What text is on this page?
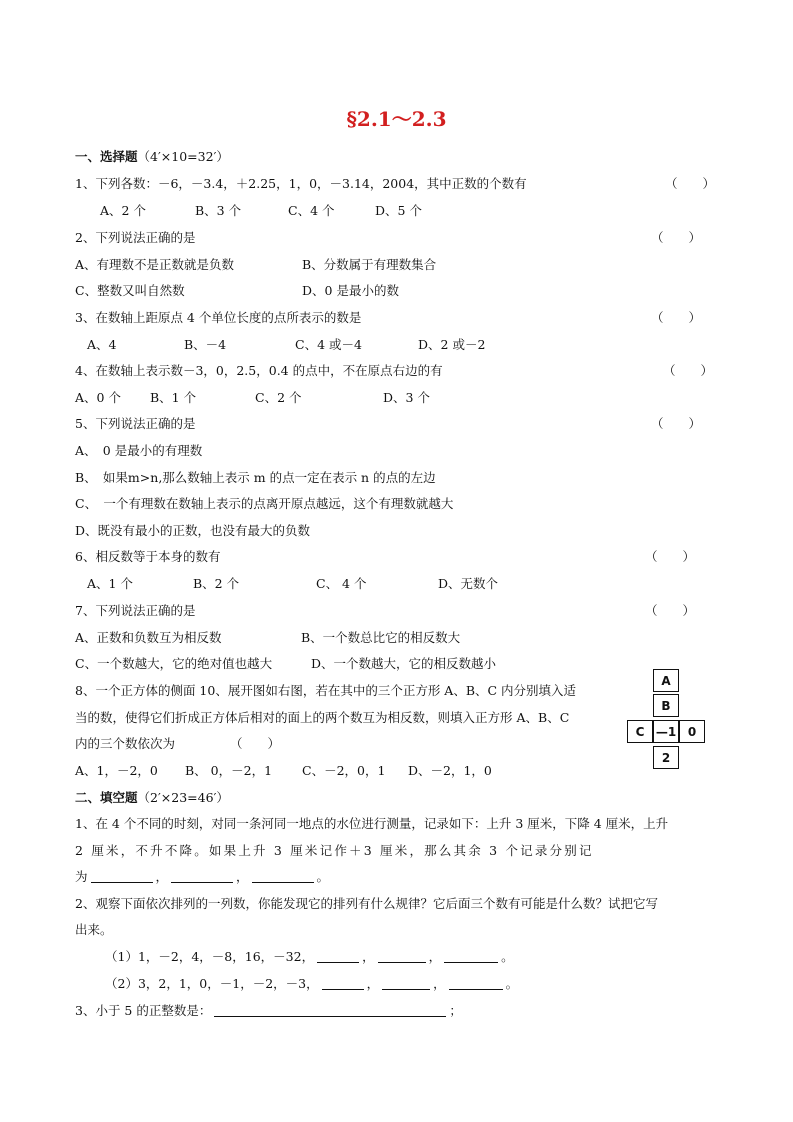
§2.1～2.3
一、选择题（4′×10=32′）
1、下列各数：－6，－3.4，＋2.25，1，0，－3.14，2004，其中正数的个数有	（　　）
A、2 个	B、3 个	C、4 个	D、5 个
2、下列说法正确的是	（　　）
A、有理数不是正数就是负数	B、分数属于有理数集合
C、整数又叫自然数	D、0 是最小的数
3、在数轴上距原点 4 个单位长度的点所表示的数是	（　　）
A、4	B、－4	C、4 或－4	D、2 或－2
4、在数轴上表示数－3，0，2.5，0.4 的点中，不在原点右边的有	（　　）
A、0 个 B、1 个	C、2 个	D、3 个
5、下列说法正确的是	（　　）
A、　0 是最小的有理数
B、　如果m>n,那么数轴上表示 m 的点一定在表示 n 的点的左边
C、　一个有理数在数轴上表示的点离开原点越远，这个有理数就越大
D、既没有最小的正数，也没有最大的负数
6、相反数等于本身的数有	（　　）
A、1 个	B、2 个	C、 4 个	D、无数个
7、下列说法正确的是	（　　）
A、正数和负数互为相反数	B、一个数总比它的相反数大
C、一个数越大，它的绝对值也越大	D、一个数越大，它的相反数越小
8、一个正方体的侧面 10、展开图如右图，若在其中的三个正方形 A、B、C 内分别填入适
当的数，使得它们折成正方体后相对的面上的两个数互为相反数，则填入正方形 A、B、C
内的三个数依次为	（　　）
A、1，－2，0 B、 0，－2，1 C、－2，0，1 D、－2，1，0
A
B
C —1 0
2
二、填空题（2′×23=46′）
1、在 4 个不同的时刻，对同一条河同一地点的水位进行测量，记录如下：上升 3 厘米，下降 4 厘米，上升
2 厘米，不升不降。如果上升 3 厘米记作＋3 厘米，那么其余 3 个记录分别记
为	，	，	。
2、观察下面依次排列的一列数，你能发现它的排列有什么规律？它后面三个数有可能是什么数？试把它写
出来。
（1）1，－2，4，－8，16，－32，	，	，	。
（2）3，2，1，0，－1，－2，－3，	，	，	。
3、小于 5 的正整数是：	；
